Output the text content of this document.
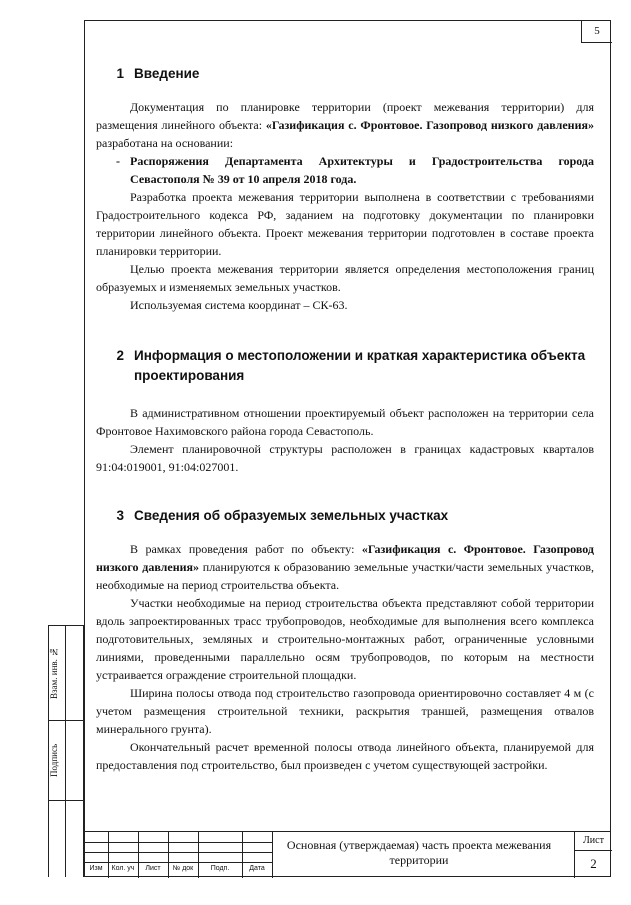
5
Взам. инв. №
Подпись
1 Введение

Документация по планировке территории (проект межевания территории) для размещения линейного объекта: «Газификация с. Фронтовое. Газопровод низкого давления» разработана на основании:

- Распоряжения Департамента Архитектуры и Градостроительства города Севастополя № 39 от 10 апреля 2018 года.

Разработка проекта межевания территории выполнена в соответствии с требованиями Градостроительного кодекса РФ, заданием на подготовку документации по планировки территории линейного объекта. Проект межевания территории подготовлен в составе проекта планировки территории.

Целью проекта межевания территории является определения местоположения границ образуемых и изменяемых земельных участков.

Используемая система координат – СК-63.

2 Информация о местоположении и краткая характеристика объекта проектирования

В административном отношении проектируемый объект расположен на территории села Фронтовое Нахимовского района города Севастополь.

Элемент планировочной структуры расположен в границах кадастровых кварталов 91:04:019001, 91:04:027001.

3 Сведения об образуемых земельных участках

В рамках проведения работ по объекту: «Газификация с. Фронтовое. Газопровод низкого давления» планируются к образованию земельные участки/части земельных участков, необходимые на период строительства объекта.

Участки необходимые на период строительства объекта представляют собой территории вдоль запроектированных трасс трубопроводов, необходимые для выполнения всего комплекса подготовительных, земляных и строительно-монтажных работ, ограниченные условными линиями, проведенными параллельно осям трубопроводов, по которым на местности устраивается ограждение строительной площадки.

Ширина полосы отвода под строительство газопровода ориентировочно составляет 4 м (с учетом размещения строительной техники, раскрытия траншей, размещения отвалов минерального грунта).

Окончательный расчет временной полосы отвода линейного объекта, планируемой для предоставления под строительство, был произведен с учетом существующей застройки.

Изм	Кол. уч	Лист	№ док	Подп.	Дата
Основная (утверждаемая) часть проекта межевания территории
Лист
2
